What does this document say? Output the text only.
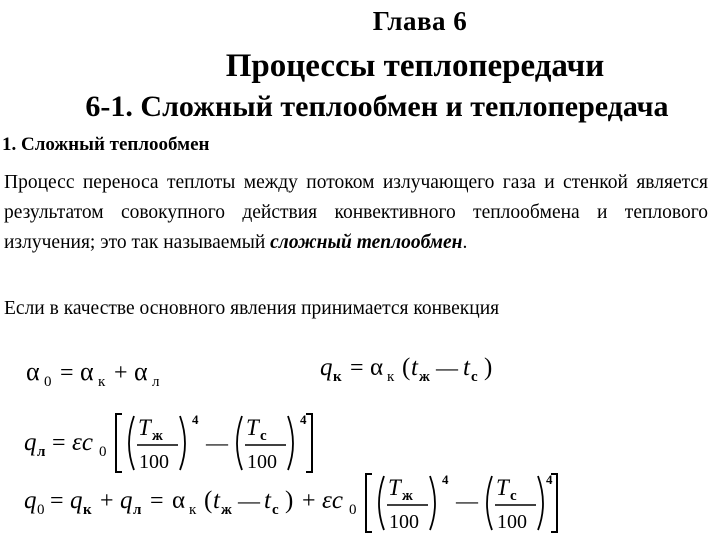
Глава 6
Процессы теплопередачи
6-1. Сложный теплообмен и теплопередача
1. Сложный теплообмен
Процесс переноса теплоты между потоком излучающего газа и стенкой является результатом совокупного действия конвективного теплообмена и теплового излучения; это так называемый сложный теплообмен.
Если в качестве основного явления принимается конвекция
α 0 = α к + α л
q к = α к ( t ж — t с )
q л = εc 0
T ж
100
4
—
T с
100
4
q 0 = q к + q л = α к ( t ж — t с ) + εc 0
T ж
100
4
—
T с
100
4
